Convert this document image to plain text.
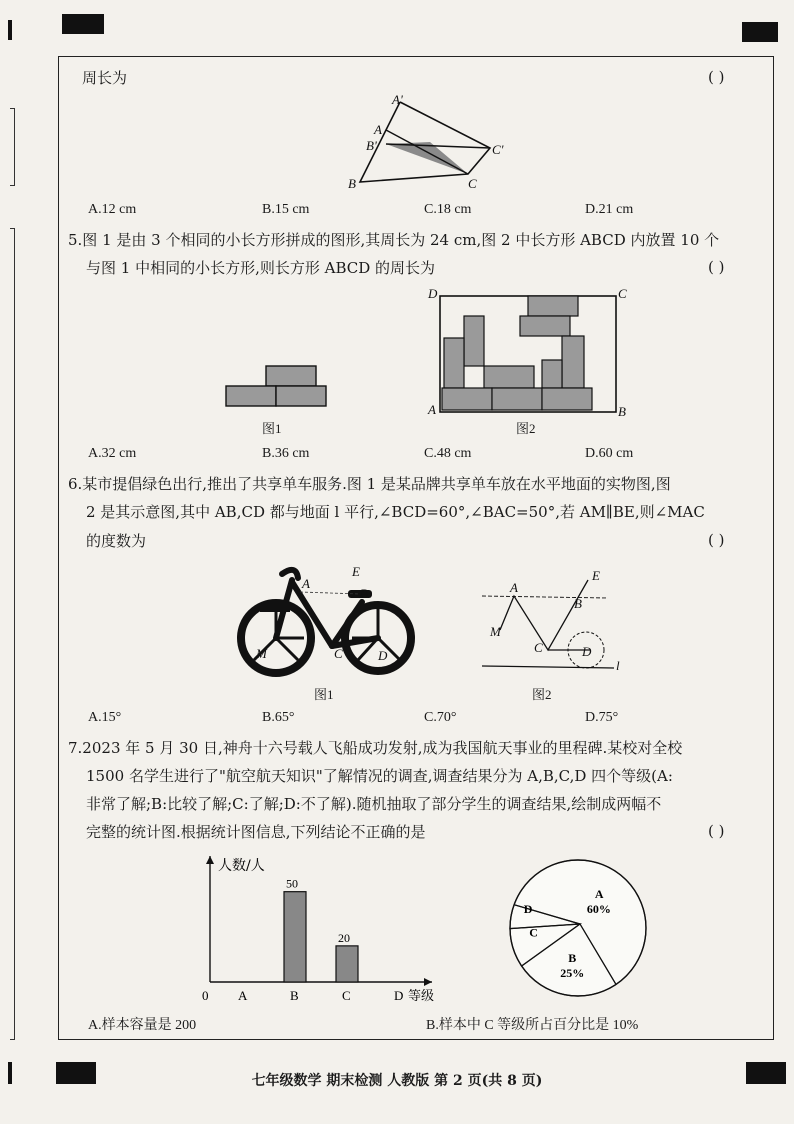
周长为	( )
A'
A
B'	C'
B	C
A.12 cm	B.15 cm	C.18 cm	D.21 cm
5.图 1 是由 3 个相同的小长方形拼成的图形,其周长为 24 cm,图 2 中长方形 ABCD 内放置 10 个
与图 1 中相同的小长方形,则长方形 ABCD 的周长为	( )
图1
D	C
A	B
图2
A.32 cm	B.36 cm	C.48 cm	D.60 cm
6.某市提倡绿色出行,推出了共享单车服务.图 1 是某品牌共享单车放在水平地面的实物图,图
2 是其示意图,其中 AB,CD 都与地面 l 平行,∠BCD=60°,∠BAC=50°,若 AM∥BE,则∠MAC
的度数为	( )
A
E
B
M	C	D
图1
A
E
B
M
C	D
l
图2
A.15°	B.65°	C.70°	D.75°
7.2023 年 5 月 30 日,神舟十六号载人飞船成功发射,成为我国航天事业的里程碑.某校对全校
1500 名学生进行了"航空航天知识"了解情况的调查,调查结果分为 A,B,C,D 四个等级(A:
非常了解;B:比较了解;C:了解;D:不了解).随机抽取了部分学生的调查结果,绘制成两幅不
完整的统计图.根据统计图信息,下列结论不正确的是	( )
人数/人
等级
0 A	B
50
C
20
D
A
60%
B
25%
C
D
A.样本容量是 200	B.样本中 C 等级所占百分比是 10%
七年级数学 期末检测 人教版 第 2 页(共 8 页)
